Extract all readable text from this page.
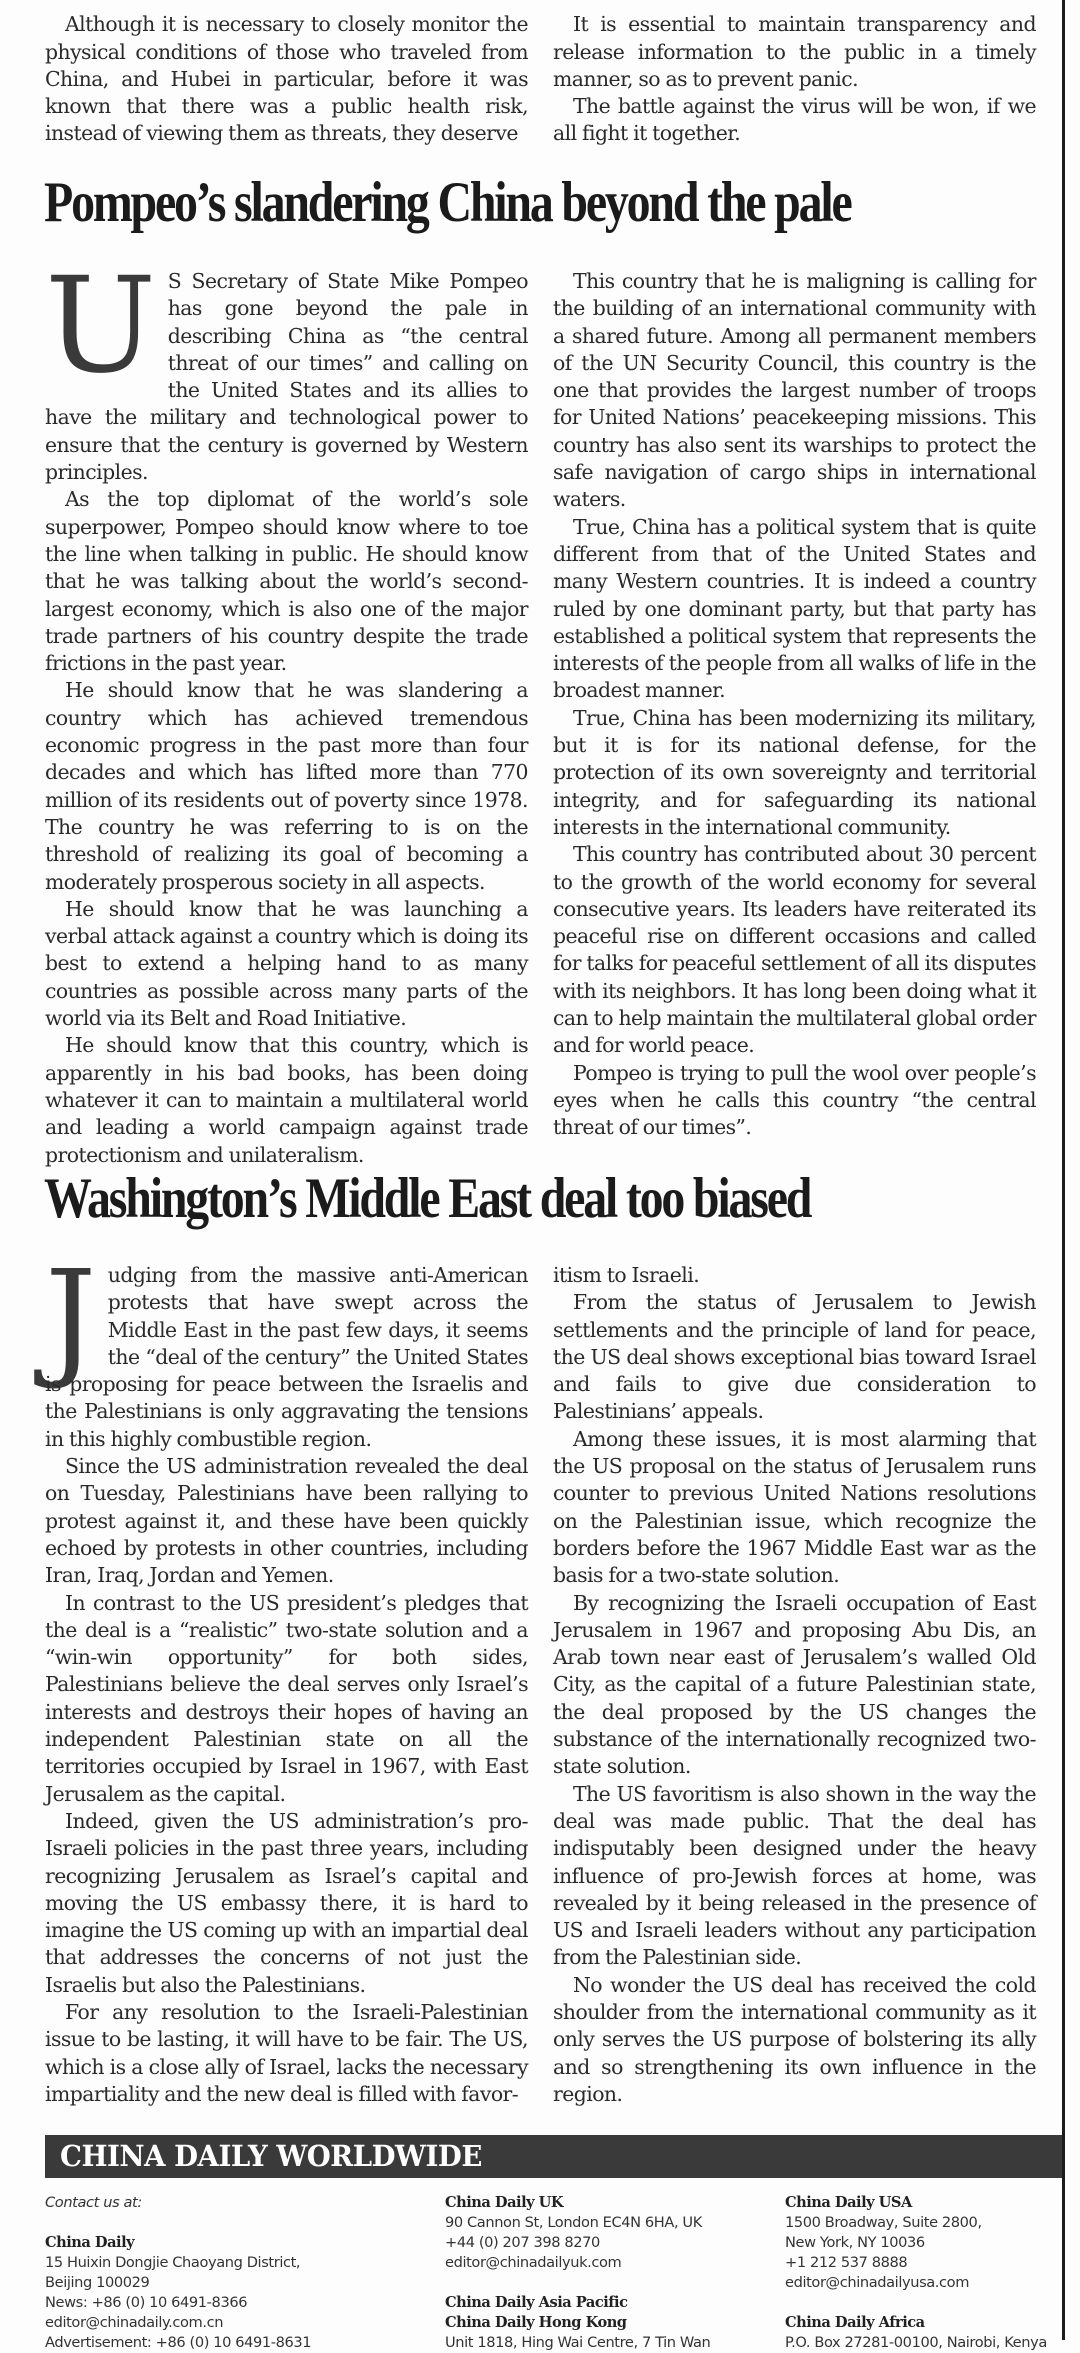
Although it is necessary to closely monitor the physical conditions of those who traveled from China, and Hubei in particular, before it was known that there was a public health risk, instead of viewing them as threats, they deserve

It is essential to maintain transparency and release information to the public in a timely manner, so as to prevent panic.

The battle against the virus will be won, if we all fight it together.

Pompeo’s slandering China beyond the pale

U S Secretary of State Mike Pompeo has gone beyond the pale in describing China as “the central threat of our times” and calling on the United States and its allies to have the military and technological power to ensure that the century is governed by Western principles.

As the top diplomat of the world’s sole superpower, Pompeo should know where to toe the line when talking in public. He should know that he was talking about the world’s second-largest economy, which is also one of the major trade partners of his country despite the trade frictions in the past year.

He should know that he was slandering a country which has achieved tremendous economic progress in the past more than four decades and which has lifted more than 770 million of its residents out of poverty since 1978. The country he was referring to is on the threshold of realizing its goal of becoming a moderately prosperous society in all aspects.

He should know that he was launching a verbal attack against a country which is doing its best to extend a helping hand to as many countries as possible across many parts of the world via its Belt and Road Initiative.

He should know that this country, which is apparently in his bad books, has been doing whatever it can to maintain a multilateral world and leading a world campaign against trade protectionism and unilateralism.

This country that he is maligning is calling for the building of an international community with a shared future. Among all permanent members of the UN Security Council, this country is the one that provides the largest number of troops for United Nations’ peacekeeping missions. This country has also sent its warships to protect the safe navigation of cargo ships in international waters.

True, China has a political system that is quite different from that of the United States and many Western countries. It is indeed a country ruled by one dominant party, but that party has established a political system that represents the interests of the people from all walks of life in the broadest manner.

True, China has been modernizing its military, but it is for its national defense, for the protection of its own sovereignty and territorial integrity, and for safeguarding its national interests in the international community.

This country has contributed about 30 percent to the growth of the world economy for several consecutive years. Its leaders have reiterated its peaceful rise on different occasions and called for talks for peaceful settlement of all its disputes with its neighbors. It has long been doing what it can to help maintain the multilateral global order and for world peace.

Pompeo is trying to pull the wool over people’s eyes when he calls this country “the central threat of our times”.

Washington’s Middle East deal too biased

Judging from the massive anti-American protests that have swept across the Middle East in the past few days, it seems the “deal of the century” the United States is proposing for peace between the Israelis and the Palestinians is only aggravating the tensions in this highly combustible region.

Since the US administration revealed the deal on Tuesday, Palestinians have been rallying to protest against it, and these have been quickly echoed by protests in other countries, including Iran, Iraq, Jordan and Yemen.

In contrast to the US president’s pledges that the deal is a “realistic” two-state solution and a “win-win opportunity” for both sides, Palestinians believe the deal serves only Israel’s interests and destroys their hopes of having an independent Palestinian state on all the territories occupied by Israel in 1967, with East Jerusalem as the capital.

Indeed, given the US administration’s pro-Israeli policies in the past three years, including recognizing Jerusalem as Israel’s capital and moving the US embassy there, it is hard to imagine the US coming up with an impartial deal that addresses the concerns of not just the Israelis but also the Palestinians.

For any resolution to the Israeli-Palestinian issue to be lasting, it will have to be fair. The US, which is a close ally of Israel, lacks the necessary impartiality and the new deal is filled with favor-

itism to Israeli.

From the status of Jerusalem to Jewish settlements and the principle of land for peace, the US deal shows exceptional bias toward Israel and fails to give due consideration to Palestinians’ appeals.

Among these issues, it is most alarming that the US proposal on the status of Jerusalem runs counter to previous United Nations resolutions on the Palestinian issue, which recognize the borders before the 1967 Middle East war as the basis for a two-state solution.

By recognizing the Israeli occupation of East Jerusalem in 1967 and proposing Abu Dis, an Arab town near east of Jerusalem’s walled Old City, as the capital of a future Palestinian state, the deal proposed by the US changes the substance of the internationally recognized two-state solution.

The US favoritism is also shown in the way the deal was made public. That the deal has indisputably been designed under the heavy influence of pro-Jewish forces at home, was revealed by it being released in the presence of US and Israeli leaders without any participation from the Palestinian side.

No wonder the US deal has received the cold shoulder from the international community as it only serves the US purpose of bolstering its ally and so strengthening its own influence in the region.

CHINA DAILY WORLDWIDE
Contact us at:
China Daily
15 Huixin Dongjie Chaoyang District,
Beijing 100029
News: +86 (0) 10 6491-8366
editor@chinadaily.com.cn
Advertisement: +86 (0) 10 6491-8631
China Daily UK
90 Cannon St, London EC4N 6HA, UK
+44 (0) 207 398 8270
editor@chinadailyuk.com
China Daily Asia Pacific
China Daily Hong Kong
Unit 1818, Hing Wai Centre, 7 Tin Wan
China Daily USA
1500 Broadway, Suite 2800,
New York, NY 10036
+1 212 537 8888
editor@chinadailyusa.com
China Daily Africa
P.O. Box 27281-00100, Nairobi, Kenya
